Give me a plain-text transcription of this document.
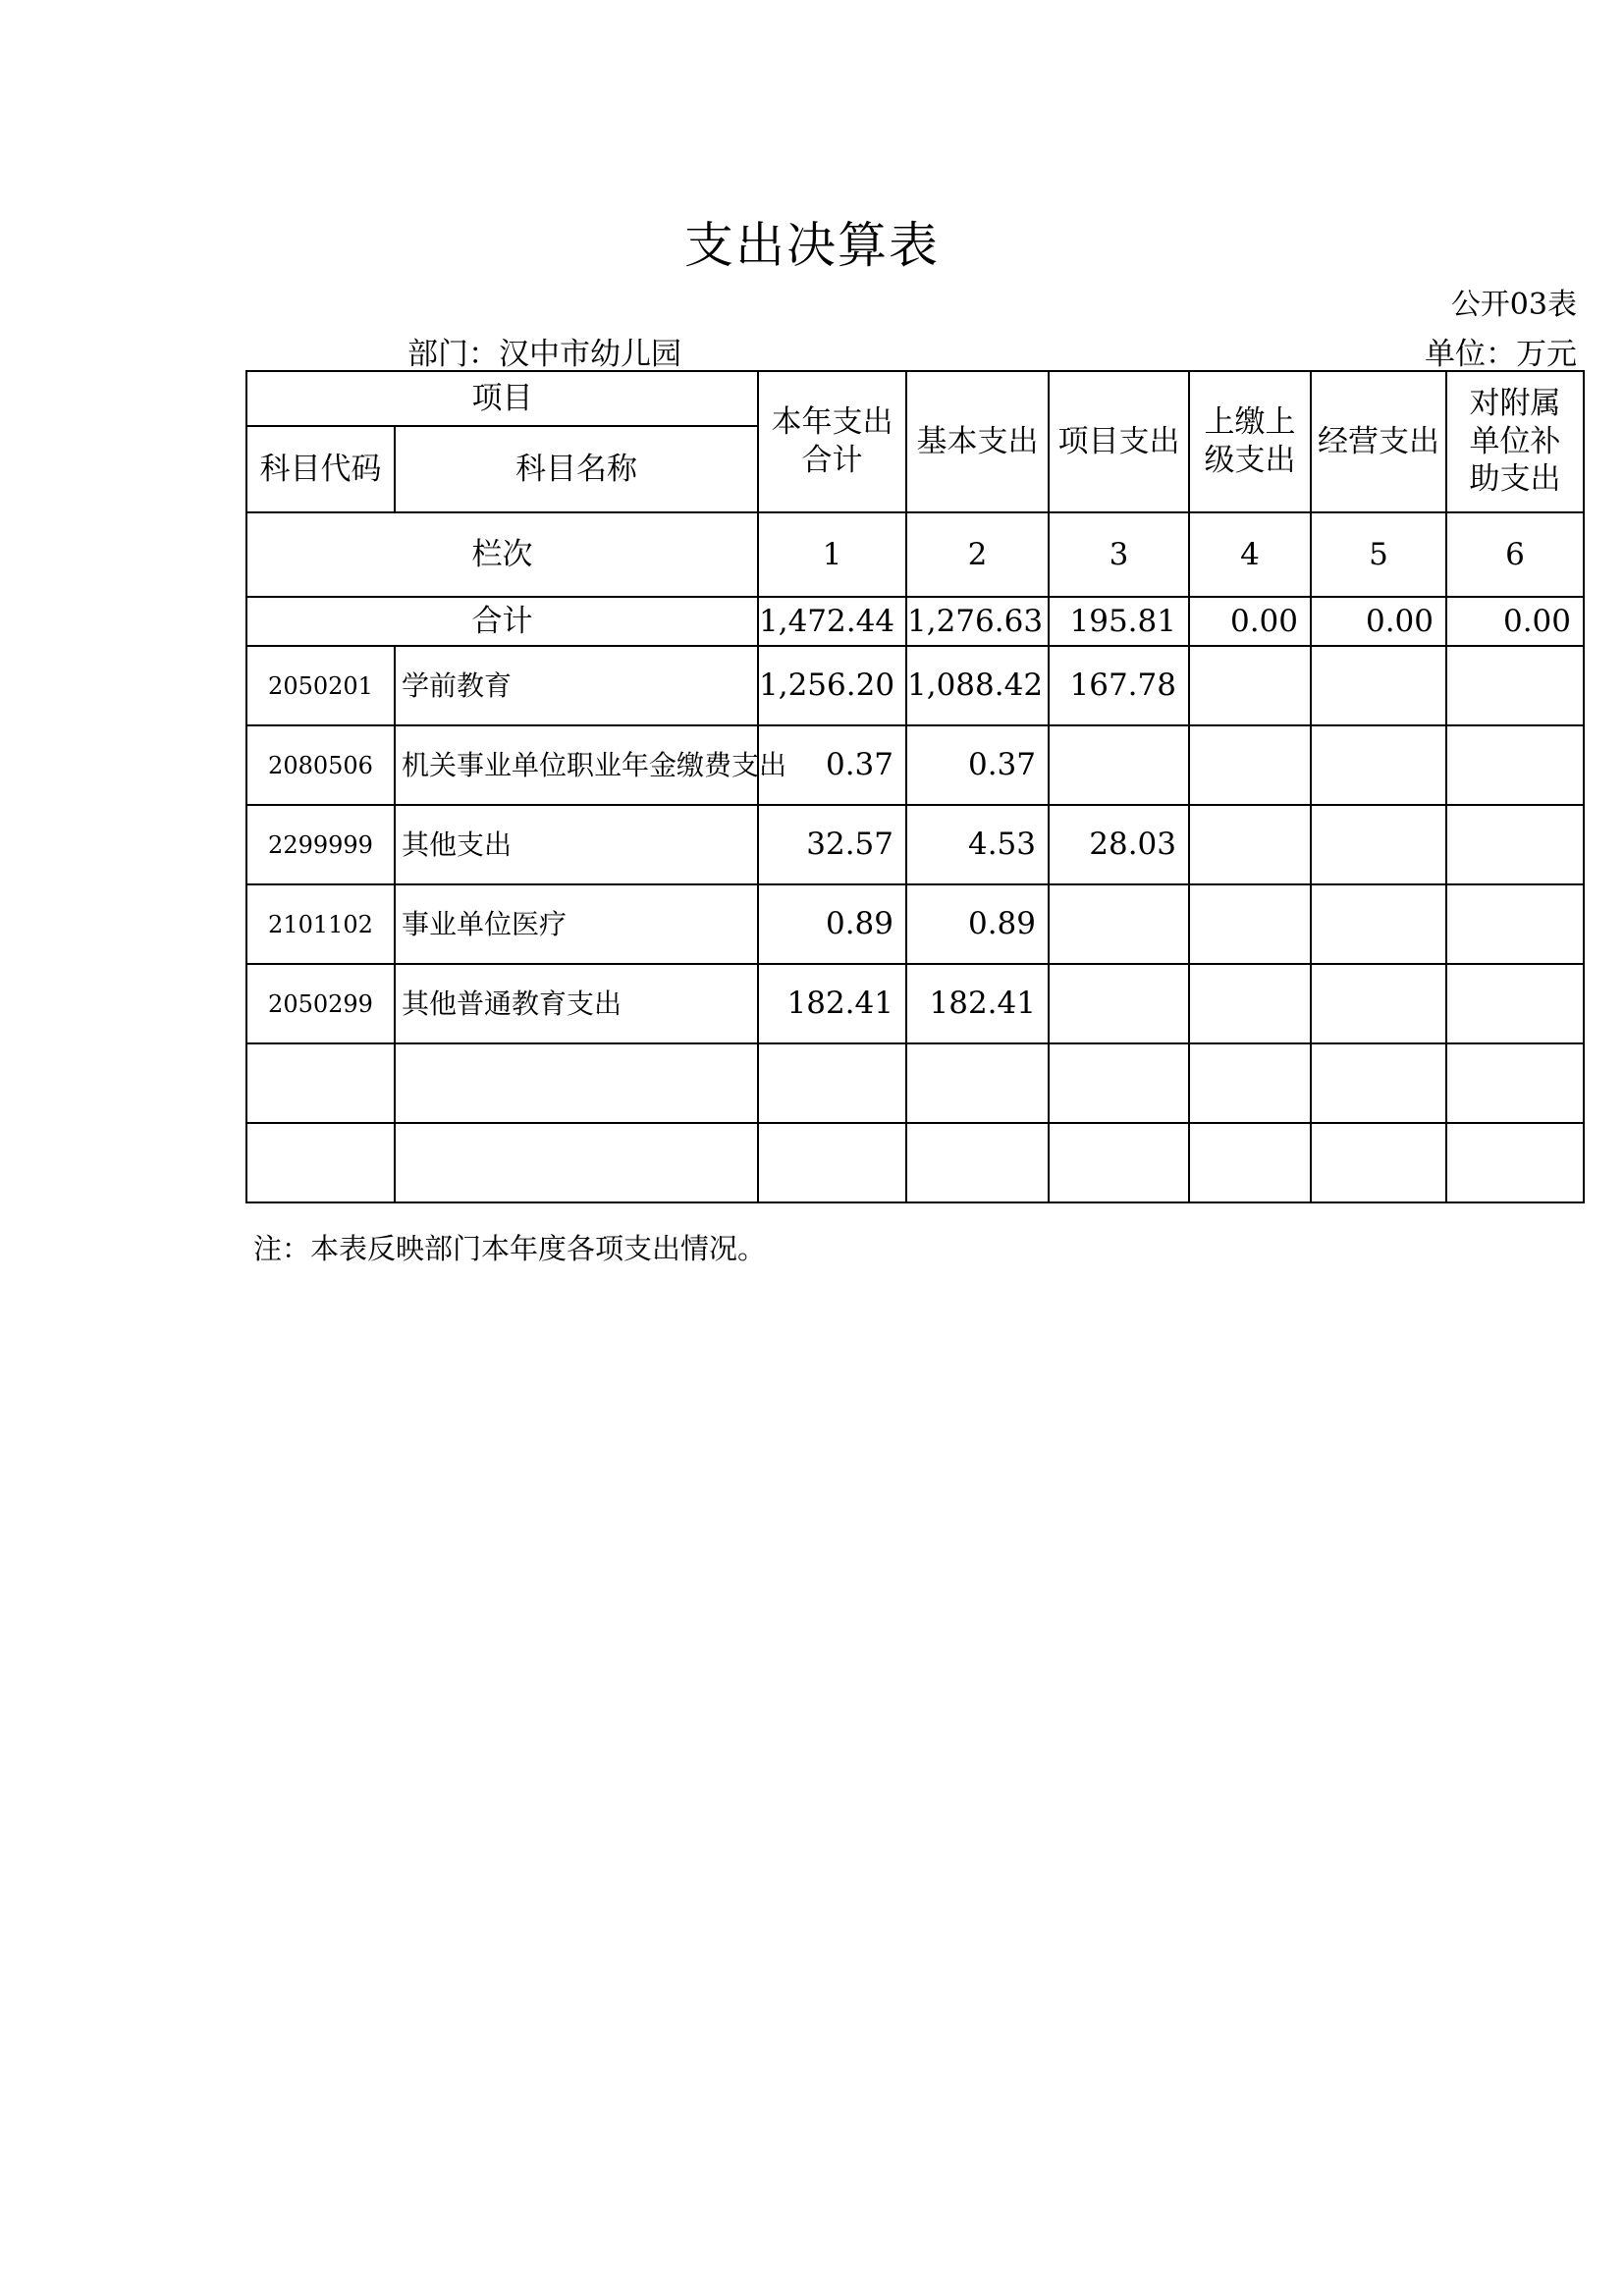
支出决算表
公开03表
部门：汉中市幼儿园	单位：万元
项目		本年支出合计	基本支出	项目支出	上缴上级支出	经营支出	对附属单位补助支出
科目代码	科目名称						
栏次		1	2	3	4	5	6
合计		1,472.44	1,276.63	195.81	0.00	0.00	0.00
2050201	学前教育	1,256.20	1,088.42	167.78			
2080506	机关事业单位职业年金缴费支出	0.37	0.37				
2299999	其他支出	32.57	4.53	28.03			
2101102	事业单位医疗	0.89	0.89				
2050299	其他普通教育支出	182.41	182.41				

注：本表反映部门本年度各项支出情况。
